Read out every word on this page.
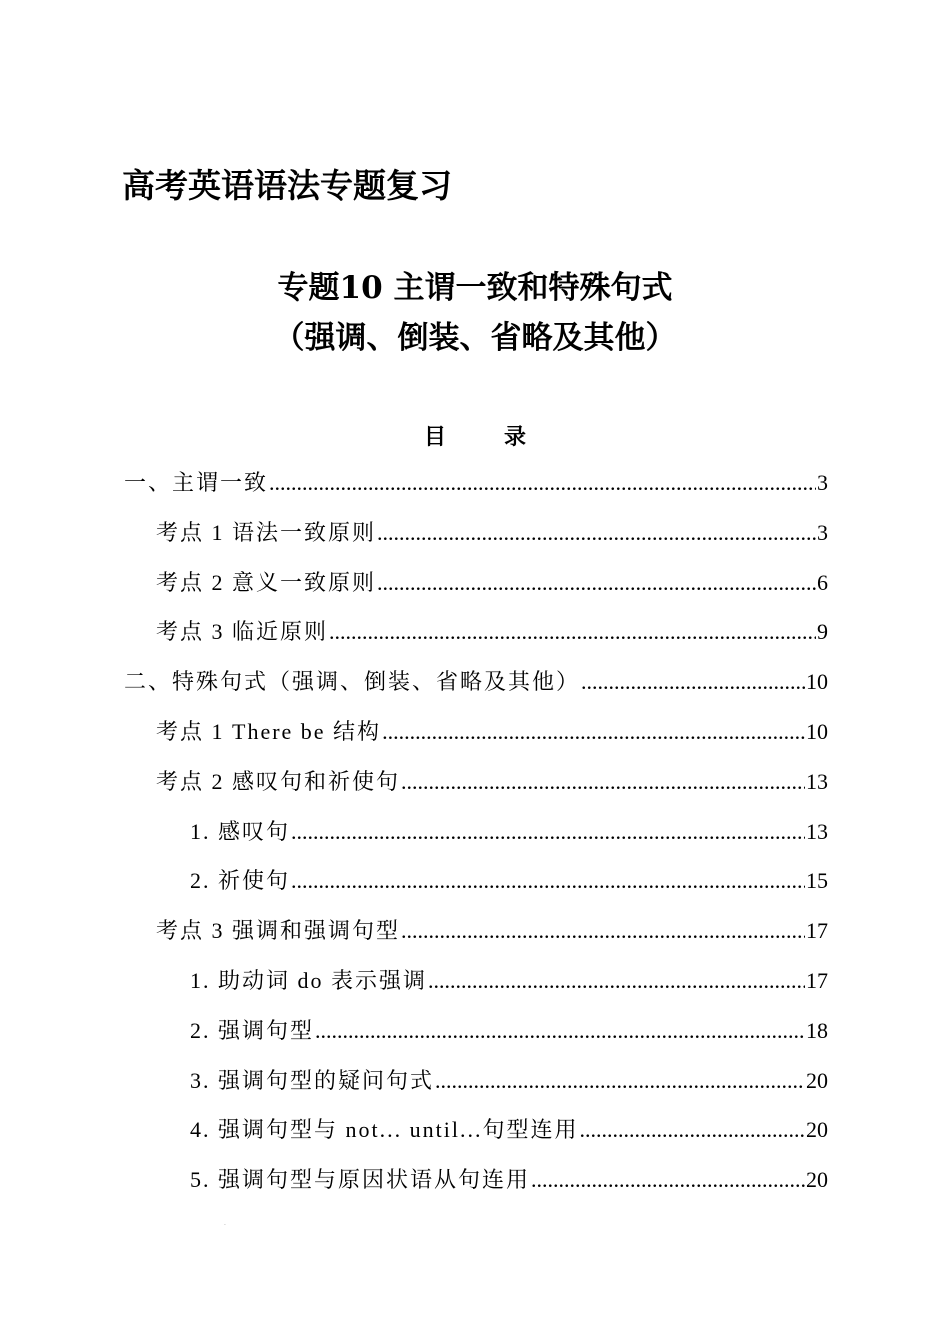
高考英语语法专题复习
专题10 主谓一致和特殊句式
（强调、倒装、省略及其他）
目	录
一、主谓一致 .....	3
考点 1 语法一致原则 .....	3
考点 2 意义一致原则 .....	6
考点 3 临近原则 .....	9
二、特殊句式（强调、倒装、省略及其他） .....	10
考点 1 There be 结构 .....	10
考点 2 感叹句和祈使句 .....	13
1. 感叹句 .....	13
2. 祈使句 .....	15
考点 3 强调和强调句型 .....	17
1. 助动词 do 表示强调 .....	17
2. 强调句型 .....	18
3. 强调句型的疑问句式 .....	20
4. 强调句型与 not... until...句型连用 .....	20
5. 强调句型与原因状语从句连用 .....	20
·
